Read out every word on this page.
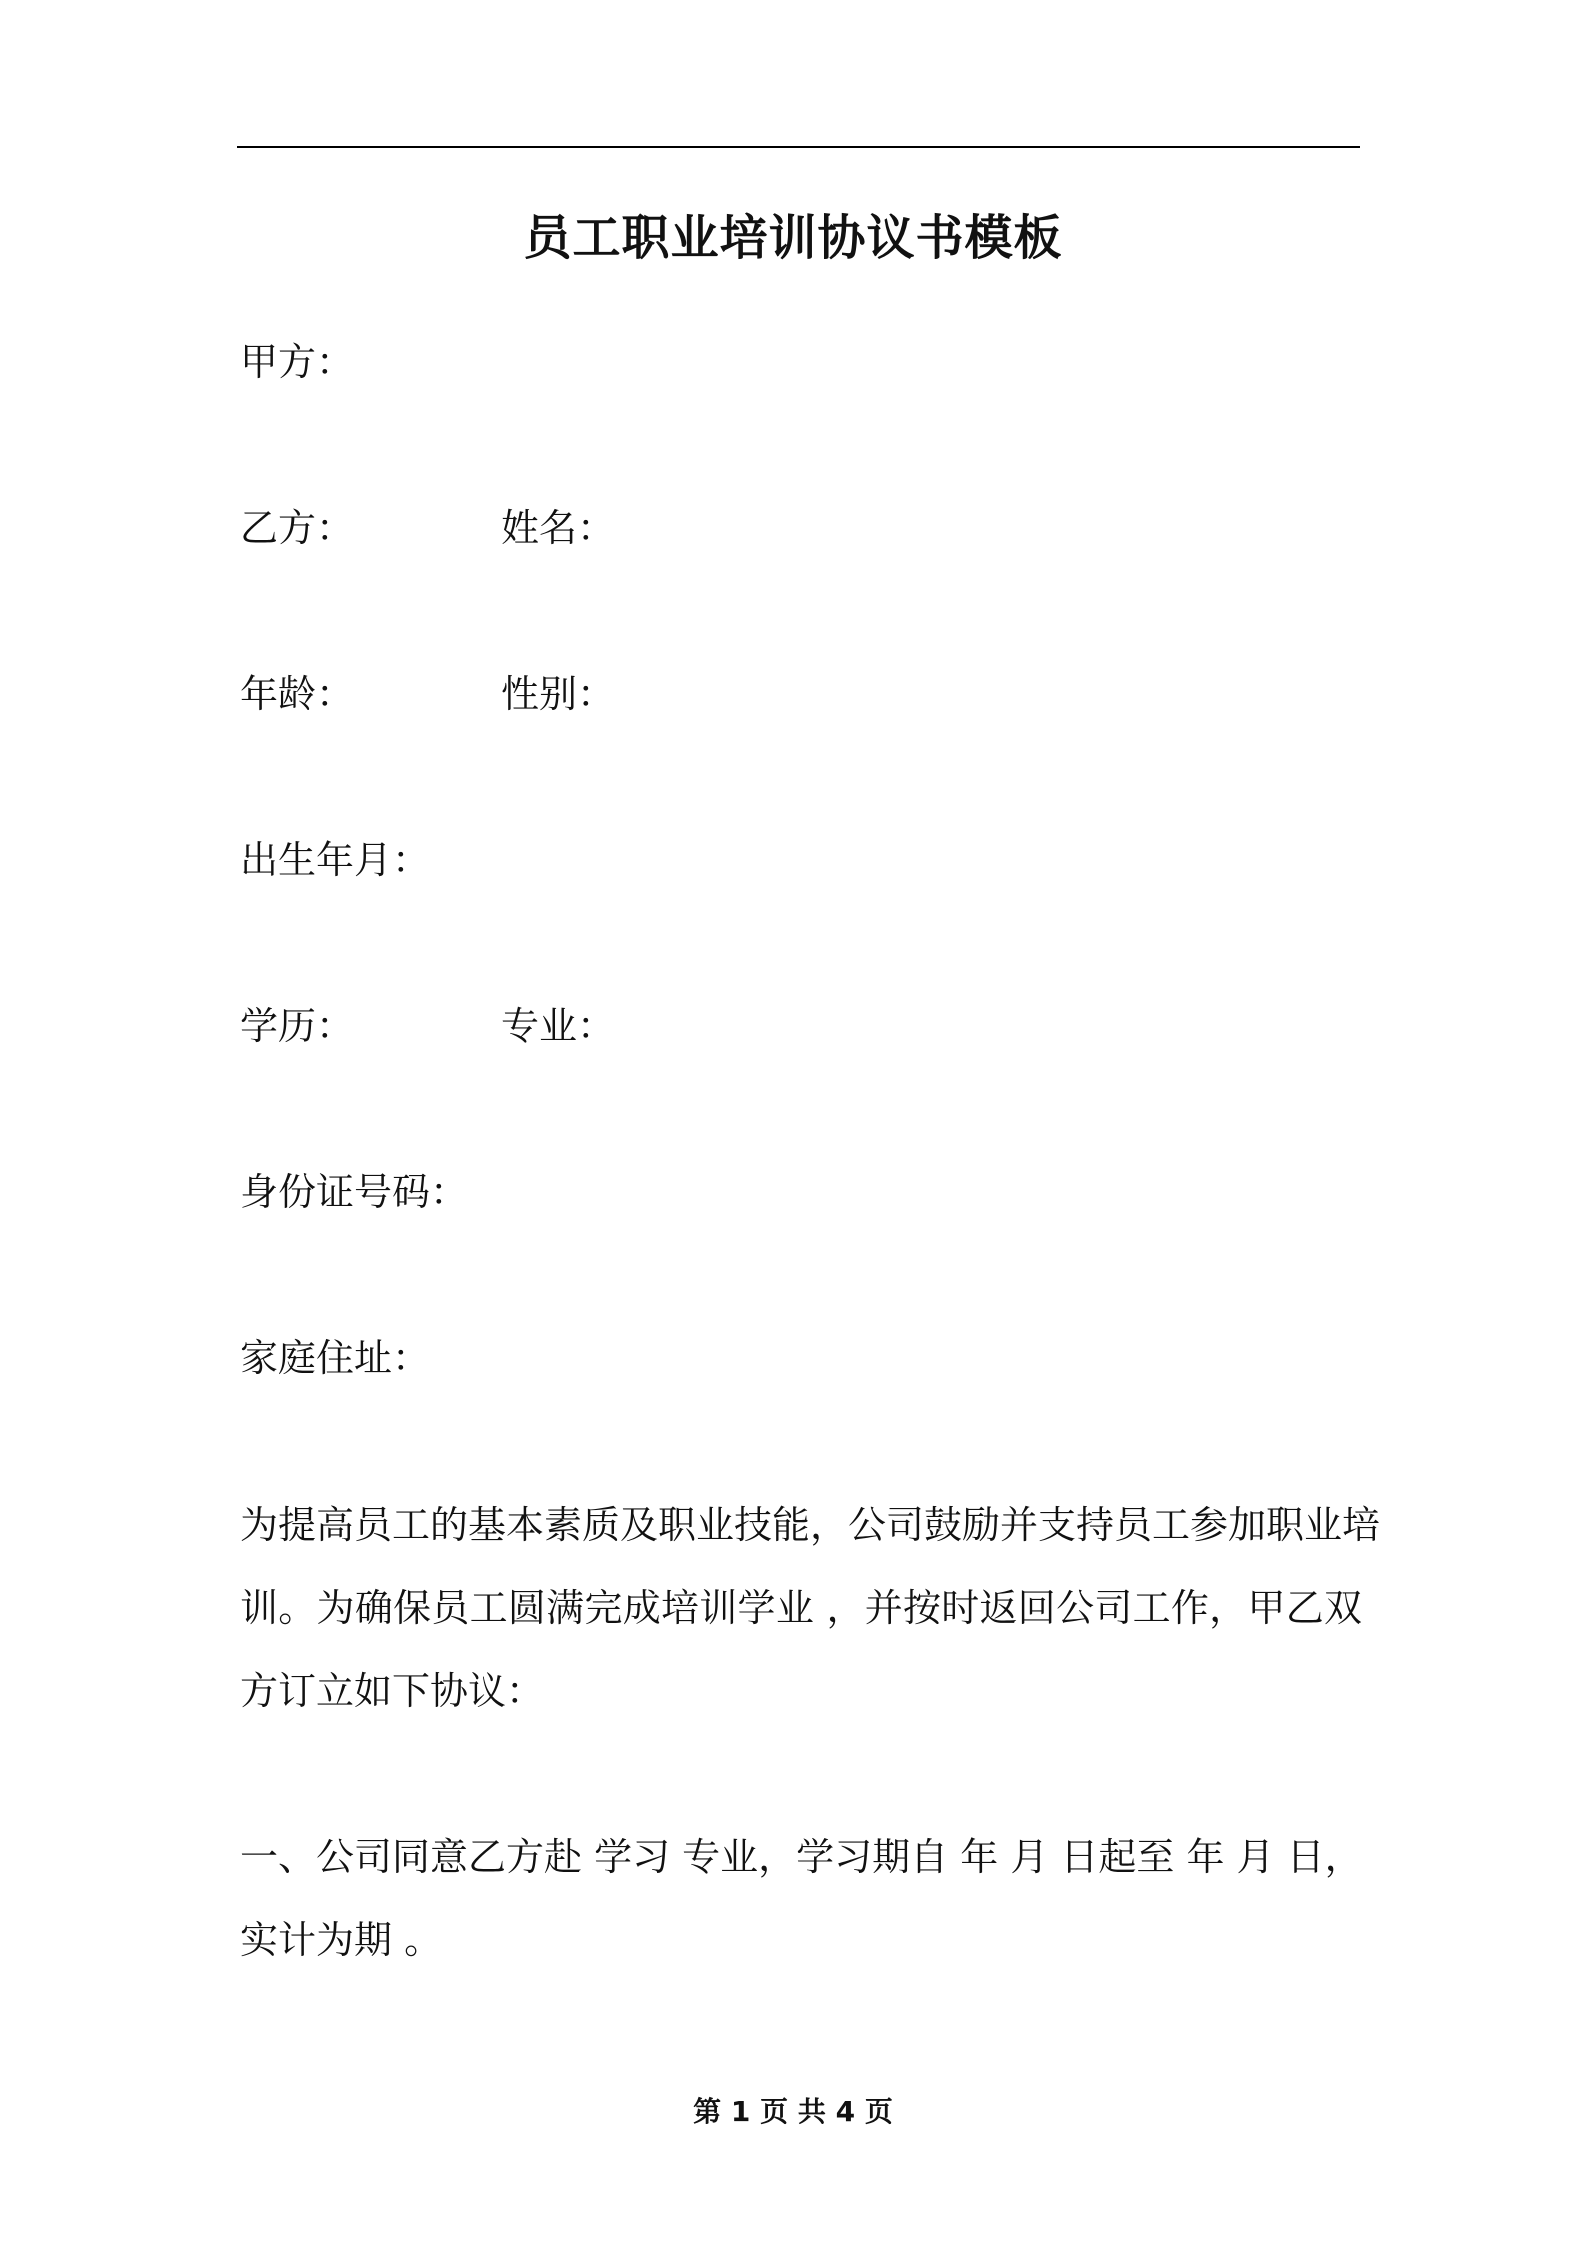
员工职业培训协议书模板
甲方：
乙方：	姓名：
年龄：	性别：
出生年月：
学历：	专业：
身份证号码：
家庭住址：
为提高员工的基本素质及职业技能，公司鼓励并支持员工参加职业培
训。为确保员工圆满完成培训学业 ，并按时返回公司工作，甲乙双
方订立如下协议：
一、公司同意乙方赴 学习 专业，学习期自 年 月 日起至 年 月 日，
实计为期 。
第 1 页 共 4 页
